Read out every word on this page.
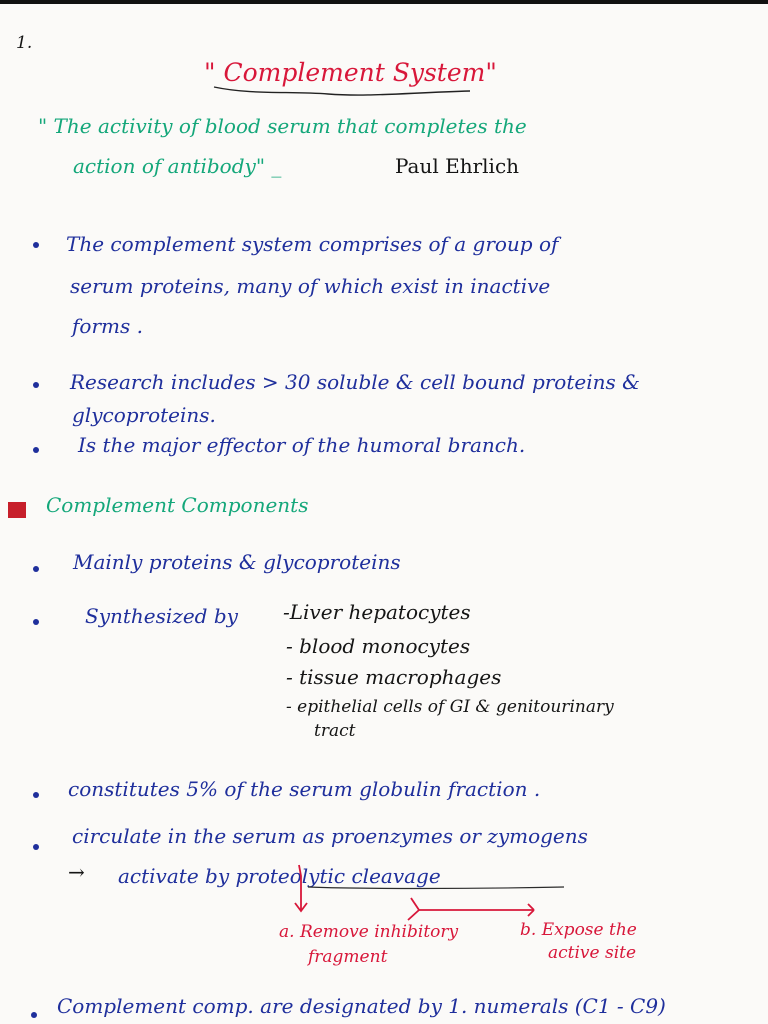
1.
" Complement System"
" The activity of blood serum that completes the
action of antibody" _	Paul Ehrlich
The complement system comprises of a group of
serum proteins, many of which exist in inactive
forms .
Research includes > 30 soluble & cell bound proteins &
glycoproteins.
Is the major effector of the humoral branch.
Complement Components
Mainly proteins & glycoproteins
Synthesized by -Liver hepatocytes
- blood monocytes
- tissue macrophages
- epithelial cells of GI & genitourinary
tract
constitutes 5% of the serum globulin fraction .
circulate in the serum as proenzymes or zymogens
→ activate by proteolytic cleavage
a. Remove inhibitory
fragment
b. Expose the
active site
Complement comp. are designated by 1. numerals (C1 - C9)
